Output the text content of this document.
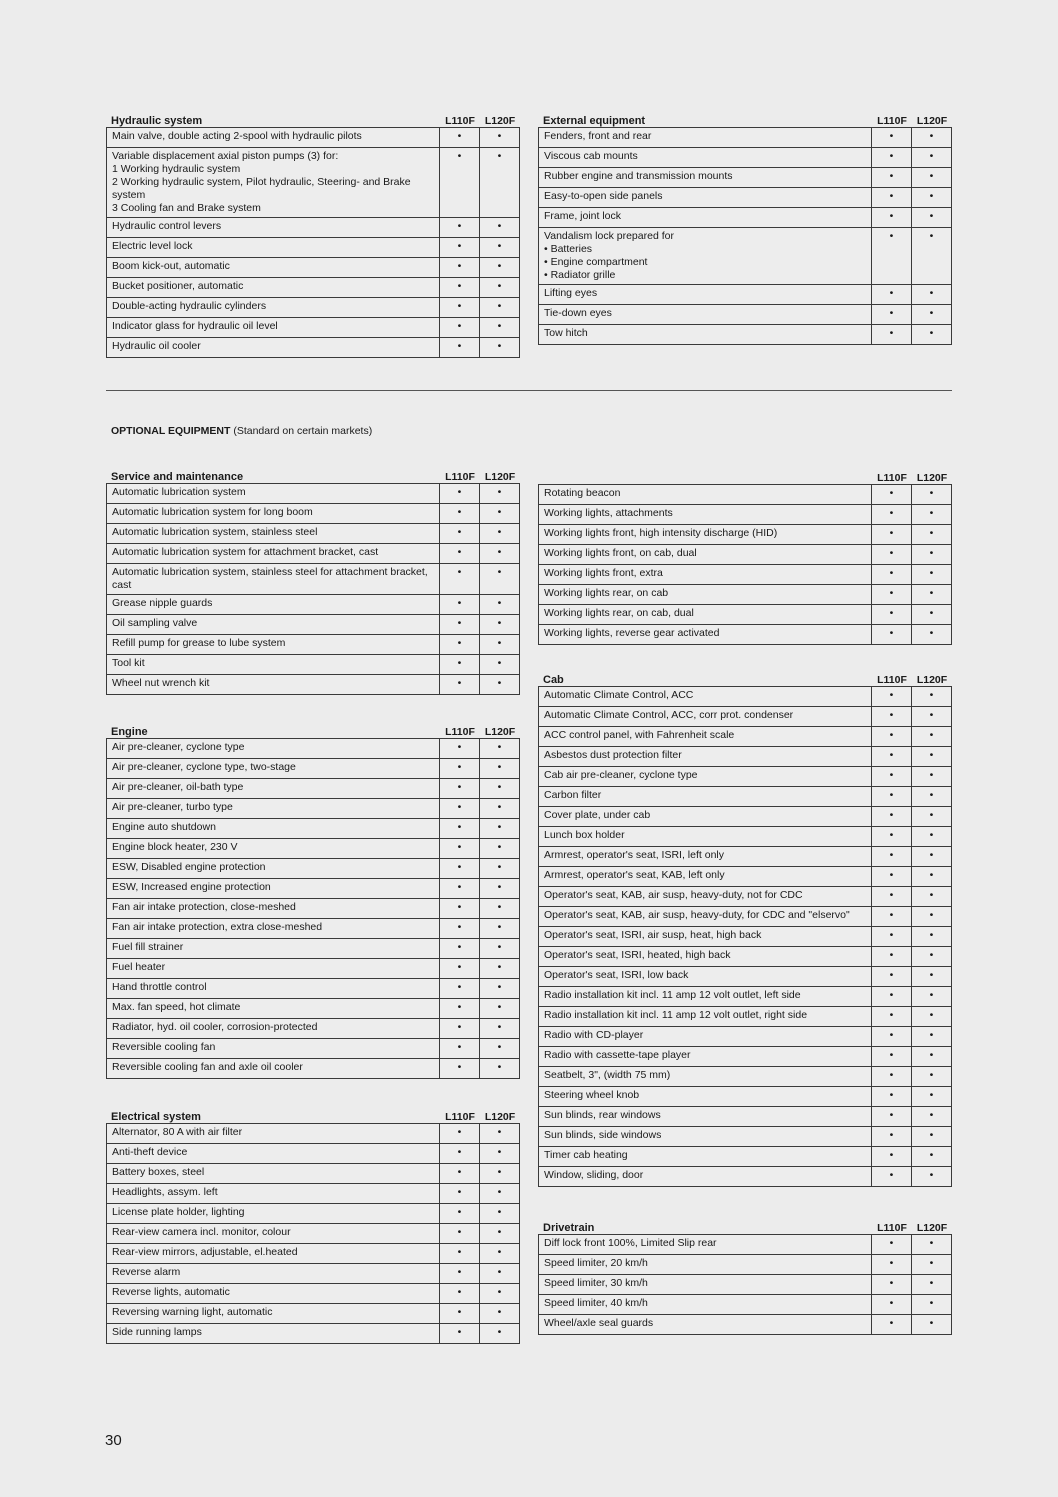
Hydraulic system	L110F L120F
Main valve, double acting 2-spool with hydraulic pilots	•	•
Variable displacement axial piston pumps (3) for:
1 Working hydraulic system
2 Working hydraulic system, Pilot hydraulic, Steering- and Brake system
3 Cooling fan and Brake system	•	•
Hydraulic control levers	•	•
Electric level lock	•	•
Boom kick-out, automatic	•	•
Bucket positioner, automatic	•	•
Double-acting hydraulic cylinders	•	•
Indicator glass for hydraulic oil level	•	•
Hydraulic oil cooler	•	•
External equipment	L110F L120F
Fenders, front and rear	•	•
Viscous cab mounts	•	•
Rubber engine and transmission mounts	•	•
Easy-to-open side panels	•	•
Frame, joint lock	•	•
Vandalism lock prepared for
• Batteries
• Engine compartment
• Radiator grille	•	•
Lifting eyes	•	•
Tie-down eyes	•	•
Tow hitch	•	•
OPTIONAL EQUIPMENT (Standard on certain markets)
Service and maintenance	L110F L120F
Automatic lubrication system	•	•
Automatic lubrication system for long boom	•	•
Automatic lubrication system, stainless steel	•	•
Automatic lubrication system for attachment bracket, cast	•	•
Automatic lubrication system, stainless steel for attachment bracket, cast	•	•
Grease nipple guards	•	•
Oil sampling valve	•	•
Refill pump for grease to lube system	•	•
Tool kit	•	•
Wheel nut wrench kit	•	•
Engine	L110F L120F
Air pre-cleaner, cyclone type	•	•
Air pre-cleaner, cyclone type, two-stage	•	•
Air pre-cleaner, oil-bath type	•	•
Air pre-cleaner, turbo type	•	•
Engine auto shutdown	•	•
Engine block heater, 230 V	•	•
ESW, Disabled engine protection	•	•
ESW, Increased engine protection	•	•
Fan air intake protection, close-meshed	•	•
Fan air intake protection, extra close-meshed	•	•
Fuel fill strainer	•	•
Fuel heater	•	•
Hand throttle control	•	•
Max. fan speed, hot climate	•	•
Radiator, hyd. oil cooler, corrosion-protected	•	•
Reversible cooling fan	•	•
Reversible cooling fan and axle oil cooler	•	•
Electrical system	L110F L120F
Alternator, 80 A with air filter	•	•
Anti-theft device	•	•
Battery boxes, steel	•	•
Headlights, assym. left	•	•
License plate holder, lighting	•	•
Rear-view camera incl. monitor, colour	•	•
Rear-view mirrors, adjustable, el.heated	•	•
Reverse alarm	•	•
Reverse lights, automatic	•	•
Reversing warning light, automatic	•	•
Side running lamps	•	•
L110F L120F
Rotating beacon	•	•
Working lights, attachments	•	•
Working lights front, high intensity discharge (HID)	•	•
Working lights front, on cab, dual	•	•
Working lights front, extra	•	•
Working lights rear, on cab	•	•
Working lights rear, on cab, dual	•	•
Working lights, reverse gear activated	•	•
Cab	L110F L120F
Automatic Climate Control, ACC	•	•
Automatic Climate Control, ACC, corr prot. condenser	•	•
ACC control panel, with Fahrenheit scale	•	•
Asbestos dust protection filter	•	•
Cab air pre-cleaner, cyclone type	•	•
Carbon filter	•	•
Cover plate, under cab	•	•
Lunch box holder	•	•
Armrest, operator's seat, ISRI, left only	•	•
Armrest, operator's seat, KAB, left only	•	•
Operator's seat, KAB, air susp, heavy-duty, not for CDC	•	•
Operator's seat, KAB, air susp, heavy-duty, for CDC and "elservo"	•	•
Operator's seat, ISRI, air susp, heat, high back	•	•
Operator's seat, ISRI, heated, high back	•	•
Operator's seat, ISRI, low back	•	•
Radio installation kit incl. 11 amp 12 volt outlet, left side	•	•
Radio installation kit incl. 11 amp 12 volt outlet, right side	•	•
Radio with CD-player	•	•
Radio with cassette-tape player	•	•
Seatbelt, 3", (width 75 mm)	•	•
Steering wheel knob	•	•
Sun blinds, rear windows	•	•
Sun blinds, side windows	•	•
Timer cab heating	•	•
Window, sliding, door	•	•
Drivetrain	L110F L120F
Diff lock front 100%, Limited Slip rear	•	•
Speed limiter, 20 km/h	•	•
Speed limiter, 30 km/h	•	•
Speed limiter, 40 km/h	•	•
Wheel/axle seal guards	•	•
30
